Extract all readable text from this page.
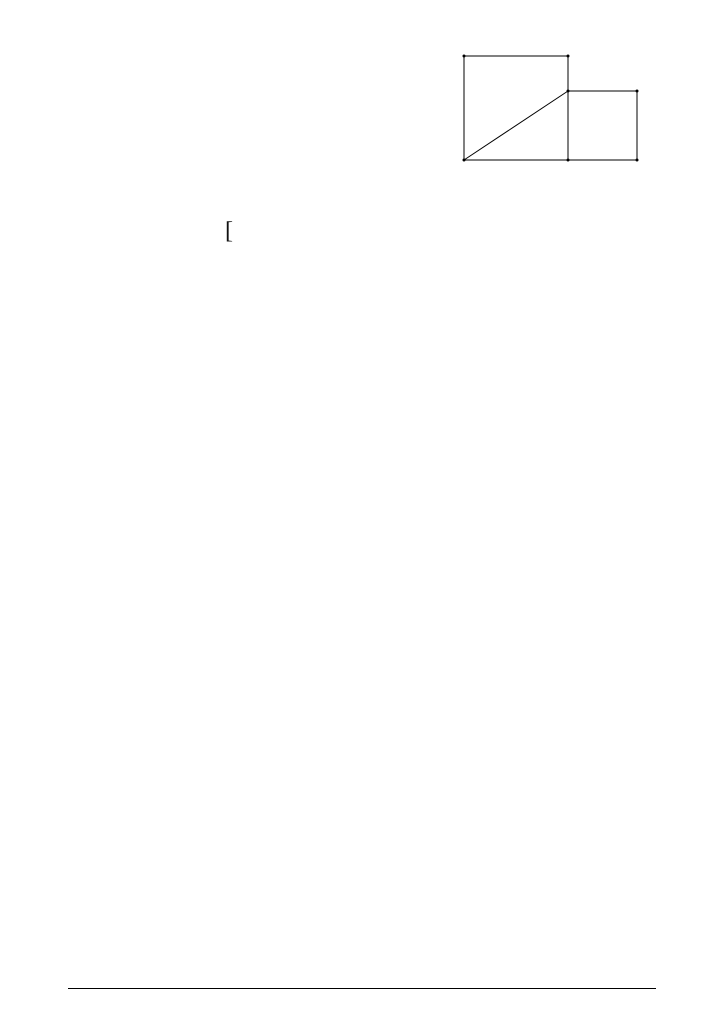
[
